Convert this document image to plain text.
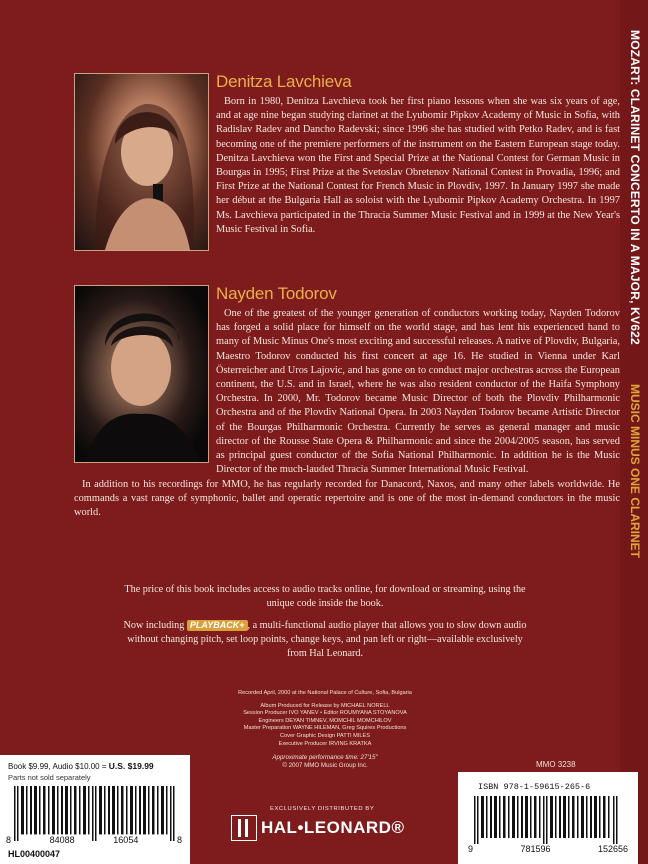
MOZART: CLARINET CONCERTO IN A MAJOR, KV622
MUSIC MINUS ONE CLARINET
Denitza Lavchieva
Born in 1980, Denitza Lavchieva took her first piano lessons when she was six years of age, and at age nine began studying clarinet at the Lyubomir Pipkov Academy of Music in Sofia, with Radislav Radev and Dancho Radevski; since 1996 she has studied with Petko Radev, and is fast becoming one of the premiere performers of the instrument on the Eastern European stage today. Denitza Lavchieva won the First and Special Prize at the National Contest for German Music in Bourgas in 1995; First Prize at the Svetoslav Obretenov National Contest in Provadia, 1996; and First Prize at the National Contest for French Music in Plovdiv, 1997. In January 1997 she made her début at the Bulgaria Hall as soloist with the Lyubomir Pipkov Academy Orchestra. In 1997 Ms. Lavchieva participated in the Thracia Summer Music Festival and in 1999 at the New Year's Music Festival in Sofia.
Nayden Todorov
One of the greatest of the younger generation of conductors working today, Nayden Todorov has forged a solid place for himself on the world stage, and has lent his experienced hand to many of Music Minus One's most exciting and successful releases. A native of Plovdiv, Bulgaria, Maestro Todorov conducted his first concert at age 16. He studied in Vienna under Karl Österreicher and Uros Lajovic, and has gone on to conduct major orchestras across the European continent, the U.S. and in Israel, where he was also resident conductor of the Haifa Symphony Orchestra. In 2000, Mr. Todorov became Music Director of both the Plovdiv Philharmonic Orchestra and of the Plovdiv National Opera. In 2003 Nayden Todorov became Artistic Director of the Bourgas Philharmonic Orchestra. Currently he serves as general manager and music director of the Rousse State Opera & Philharmonic and since the 2004/2005 season, has served as principal guest conductor of the Sofia National Philharmonic. In addition he is the Music Director of the much-lauded Thracia Summer International Music Festival.
In addition to his recordings for MMO, he has regularly recorded for Danacord, Naxos, and many other labels worldwide. He commands a vast range of symphonic, ballet and operatic repertoire and is one of the most in-demand conductors in the music world.
The price of this book includes access to audio tracks online, for download or streaming, using the unique code inside the book.
Now including PLAYBACK+ , a multi-functional audio player that allows you to slow down audio without changing pitch, set loop points, change keys, and pan left or right—available exclusively from Hal Leonard.
Recorded April, 2000 at the National Palace of Culture, Sofia, Bulgaria
Album Produced for Release by MICHAEL NORELL
Session Producer IVO YANEV • Editor ROUMYANA STOYANOVA
Engineers DEYAN TIMNEV, MOMCHIL MOMCHILOV
Master Preparation WAYNE HILEMAN, Greg Squires Productions
Cover Graphic Design PATTI MILES
Executive Producer IRVING KRATKA
Approximate performance time: 27'15"
© 2007 MMO Music Group Inc.
Book $9.99, Audio $10.00 = U.S. $19.99
Parts not sold separately
8	84088	16054	8
HL00400047
EXCLUSIVELY DISTRIBUTED BY
HAL•LEONARD®
MMO 3238
ISBN 978-1-59615-265-6
9	781596	152656
